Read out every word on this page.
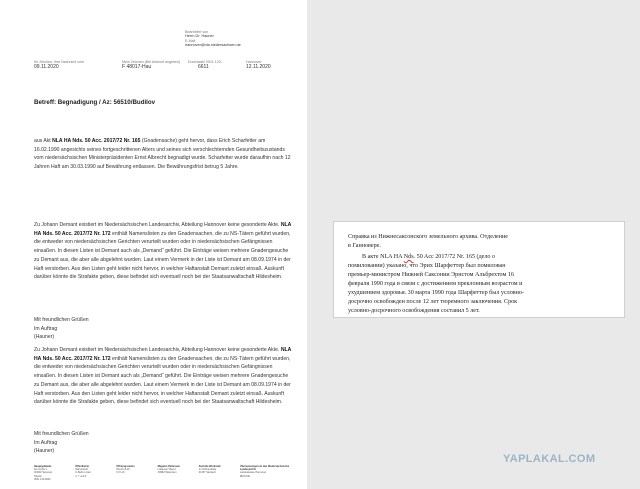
Bearbeitet von
Herrn Dr. Hauner
E-Mail
hannover@nla.niedersachsen.de
Ihr Zeichen, Ihre Nachricht vom
09.11.2020
Mein Zeichen (Bei Antwort angeben)
F 48017-Hau
Durchwahl 0511 120-
6611
Hannover
12.11.2020
Betreff: Begnadigung / Az: 56510/Budilov
aus Akt NLA HA Nds. 50 Acc. 2017/72 Nr. 165 (Gnadensache) geht hervor, dass Erich Scharfetter am 16.02.1990 angesichts seines fortgeschrittenen Alters und seines sich verschlechternden Gesundheitszustands vom niedersächsischen Ministerpräsidenten Ernst Albrecht begnadigt wurde. Scharfetter wurde daraufhin nach 12 Jahren Haft am 30.03.1990 auf Bewährung entlassen. Die Bewährungsfrist betrug 5 Jahre.
Zu Johann Demant existiert im Niedersächsischen Landesarchiv, Abteilung Hannover keine gesonderte Akte. NLA HA Nds. 50 Acc. 2017/72 Nr. 172 enthält Namenslisten zu den Gnadensachen, die zu NS-Tätern geführt wurden, die entweder von niedersächsischen Gerichten verurteilt wurden oder in niedersächsischen Gefängnissen einsaßen. In diesen Listen ist Demant auch als „Demand“ geführt. Die Einträge weisen mehrere Gnadengesuche zu Demant aus, die aber alle abgelehnt wurden. Laut einem Vermerk in der Liste ist Demant am 08.09.1974 in der Haft verstorben. Aus den Listen geht leider nicht hervor, in welcher Haftanstalt Demant zuletzt einsaß. Auskunft darüber könnte die Strafakte geben, diese befindet sich eventuell noch bei der Staatsanwaltschaft Hildesheim.
Mit freundlichen Grüßen
Im Auftrag
(Hauner)
Zu Johann Demant existiert im Niedersächsischen Landesarchiv, Abteilung Hannover keine gesonderte Akte. NLA HA Nds. 50 Acc. 2017/72 Nr. 172 enthält Namenslisten zu den Gnadensachen, die zu NS-Tätern geführt wurden, die entweder von niedersächsischen Gerichten verurteilt wurden oder in niedersächsischen Gefängnissen einsaßen. In diesen Listen ist Demant auch als „Demand“ geführt. Die Einträge weisen mehrere Gnadengesuche zu Demant aus, die aber alle abgelehnt wurden. Laut einem Vermerk in der Liste ist Demant am 08.09.1974 in der Haft verstorben. Aus den Listen geht leider nicht hervor, in welcher Haftanstalt Demant zuletzt einsaß. Auskunft darüber könnte die Strafakte geben, diese befindet sich eventuell noch bei der Staatsanwaltschaft Hildesheim.
Mit freundlichen Grüßen
Im Auftrag
(Hauner)
Hauptgebäude
Am Archiv 1
30169 Hannover
Telefon
0511 120-6601
Öffentlicher
Nahverkehr
U-Bahn Linien
3, 7 und 9
Öffnungszeiten
Mo-Do 8-16
Fr 8-13
Magazin Pattensen
Lüdersen Weg 2
30982 Pattensen
Zentrale Werkstatt
Im Kirchenfelde
31157 Sarstedt
Überweisungen an das Niedersächsische Landesarchiv
Landeskasse Hannover
IBAN DE
Справка из Нижнесаксонского земельного архива. Отделение
в Ганновере.
В акте NLA HA Nds. 50 Acc 2017/72 Nr. 165 (дело о
помиловании) указано, что Эрих Шарфеттер был помилован
премьер-министром Нижней Саксонии Эрнстом Альбрехтом 16
февраля 1990 года в связи с достижением преклонным возрастом и
ухудшением здоровья. 30 марта 1990 года Шарфеттер был условно-
досрочно освобожден после 12 лет тюремного заключения. Срок
условно-досрочного освобождения составил 5 лет.
YAPLAKAL.COM
